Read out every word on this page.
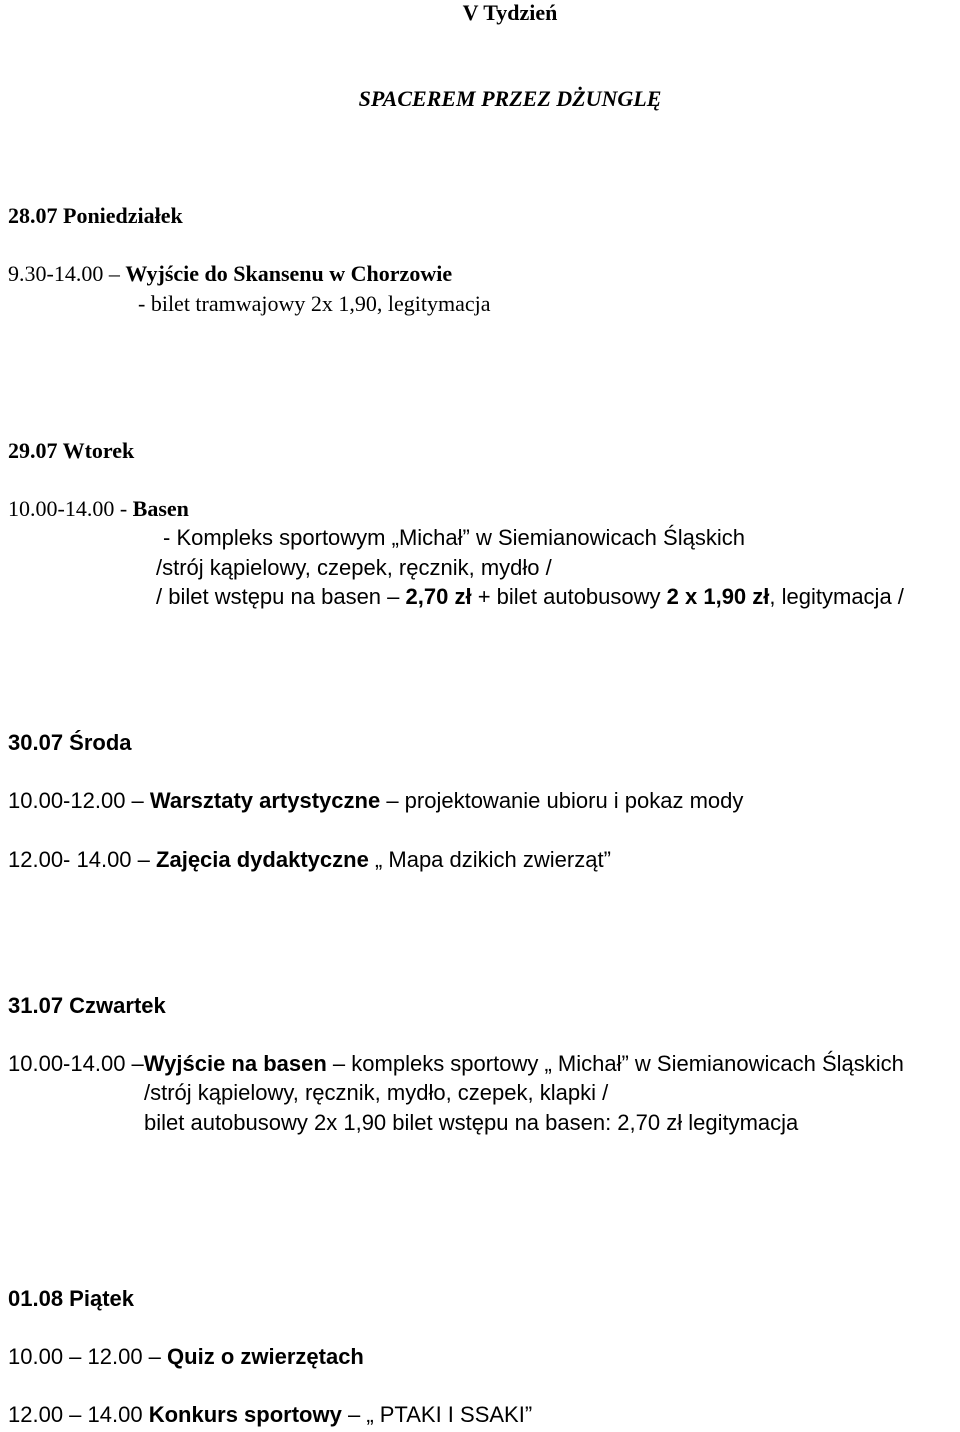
V Tydzień
SPACEREM PRZEZ DŻUNGLĘ
28.07 Poniedziałek
9.30-14.00 – Wyjście do Skansenu w Chorzowie
- bilet tramwajowy 2x 1,90, legitymacja
29.07 Wtorek
10.00-14.00 - Basen
- Kompleks sportowym „Michał” w Siemianowicach Śląskich
/strój kąpielowy, czepek, ręcznik, mydło /
/ bilet wstępu na basen – 2,70 zł + bilet autobusowy 2 x 1,90 zł, legitymacja /
30.07 Środa
10.00-12.00 – Warsztaty artystyczne – projektowanie ubioru i pokaz mody
12.00- 14.00 – Zajęcia dydaktyczne „ Mapa dzikich zwierząt”
31.07 Czwartek
10.00-14.00 –Wyjście na basen – kompleks sportowy „ Michał” w Siemianowicach Śląskich
/strój kąpielowy, ręcznik, mydło, czepek, klapki /
bilet autobusowy 2x 1,90 bilet wstępu na basen: 2,70 zł legitymacja
01.08 Piątek
10.00 – 12.00 – Quiz o zwierzętach
12.00 – 14.00 Konkurs sportowy – „ PTAKI I SSAKI”
